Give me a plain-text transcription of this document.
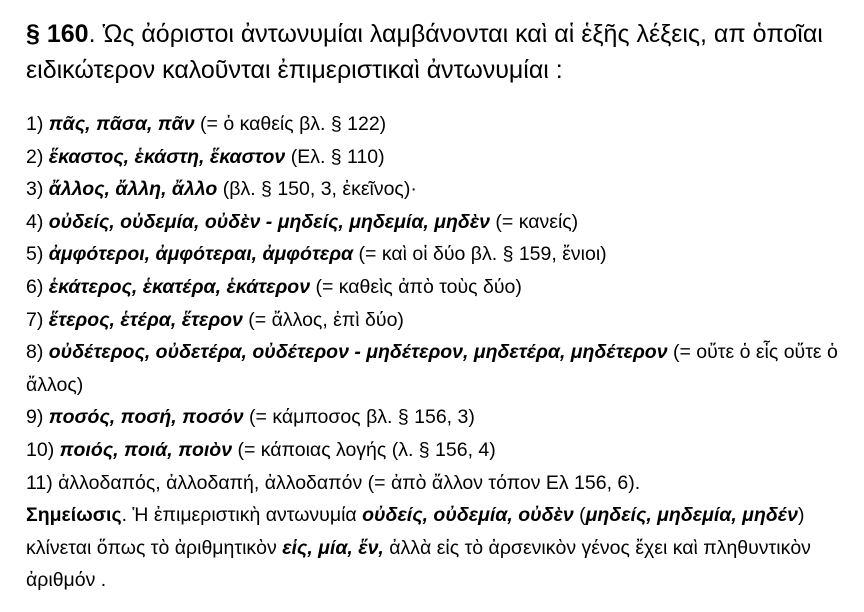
§ 160. Ὡς ἀόριστοι ἀντωνυμίαι λαμβάνονται καὶ αἱ ἑξῆς λέξεις, απ ὁποῖαι ειδικώτερον καλοῦνται ἐπιμεριστικαὶ ἀντωνυμίαι :

1) πᾶς, πᾶσα, πᾶν (= ὁ καθείς βλ. § 122)

2) ἕκαστος, ἑκάστη, ἕκαστον (Ελ. § 110)

3) ἄλλος, ἄλλη, ἄλλο (βλ. § 150, 3, ἐκεῖνος)·

4) οὐδείς, οὐδεμία, οὐδὲν - μηδείς, μηδεμία, μηδὲν (= κανείς)

5) ἀμφότεροι, ἀμφότεραι, ἀμφότερα (= καὶ οἱ δύο βλ. § 159, ἔνιοι)

6) ἑκάτερος, ἑκατέρα, ἑκάτερον (= καθεὶς ἀπὸ τοὺς δύο)

7) ἕτερος, ἑτέρα, ἕτερον (= ἄλλος, ἐπὶ δύο)

8) οὐδέτερος, οὐδετέρα, οὐδέτερον - μηδέτερον, μηδετέρα, μηδέτερον (= οὔτε ὁ εἷς οὔτε ὁ ἄλλος)

9) ποσός, ποσή, ποσόν (= κάμποσος βλ. § 156, 3)

10) ποιός, ποιά, ποιὸν (= κάποιας λογής (λ. § 156, 4)

11) ἀλλοδαπός, ἀλλοδαπή, ἀλλοδαπόν (= ἀπὸ ἄλλον τόπον Ελ 156, 6).

Σημείωσις. Ἡ ἐπιμεριστικὴ αντωνυμία οὐδείς, οὐδεμία, οὐδὲν (μηδείς, μηδεμία, μηδέν) κλίνεται ὅπως τὸ ἀριθμητικὸν εἱς, μία, ἕν, ἀλλὰ εἰς τὸ ἀρσενικὸν γένος ἔχει καὶ πληθυντικὸν ἀριθμόν .
